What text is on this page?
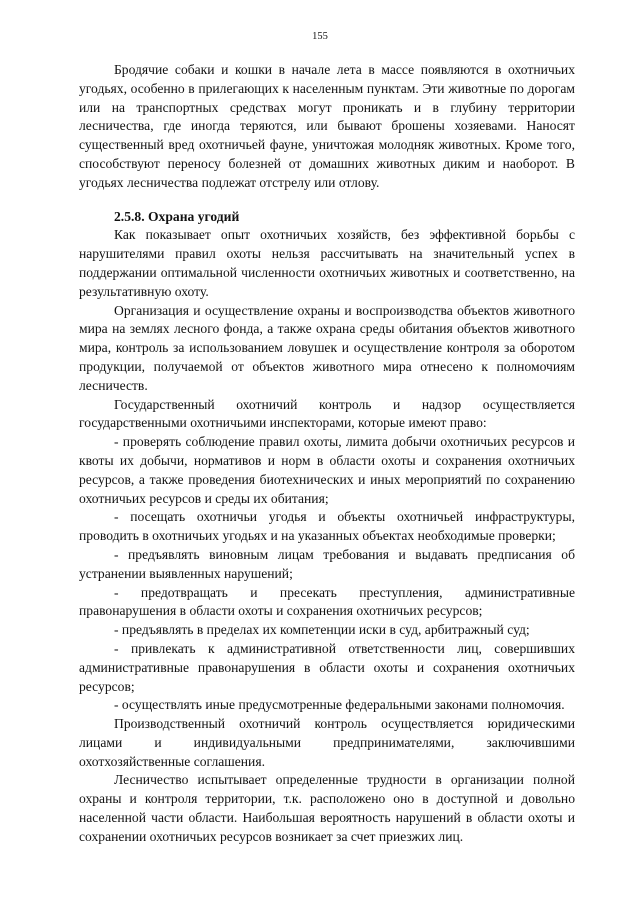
155

Бродячие собаки и кошки в начале лета в массе появляются в охотничьих угодьях, особенно в прилегающих к населенным пунктам. Эти животные по дорогам или на транспортных средствах могут проникать и в глубину территории лесничества, где иногда теряются, или бывают брошены хозяевами. Наносят существенный вред охотничьей фауне, уничтожая молодняк животных. Кроме того, способствуют переносу болезней от домашних животных диким и наоборот. В угодьях лесничества подлежат отстрелу или отлову.

2.5.8. Охрана угодий

Как показывает опыт охотничьих хозяйств, без эффективной борьбы с нарушителями правил охоты нельзя рассчитывать на значительный успех в поддержании оптимальной численности охотничьих животных и соответственно, на результативную охоту.

Организация и осуществление охраны и воспроизводства объектов животного мира на землях лесного фонда, а также охрана среды обитания объектов животного мира, контроль за использованием ловушек и осуществление контроля за оборотом продукции, получаемой от объектов животного мира отнесено к полномочиям лесничеств.

Государственный охотничий контроль и надзор осуществляется государственными охотничьими инспекторами, которые имеют право:

- проверять соблюдение правил охоты, лимита добычи охотничьих ресурсов и квоты их добычи, нормативов и норм в области охоты и сохранения охотничьих ресурсов, а также проведения биотехнических и иных мероприятий по сохранению охотничьих ресурсов и среды их обитания;

- посещать охотничьи угодья и объекты охотничьей инфраструктуры, проводить в охотничьих угодьях и на указанных объектах необходимые проверки;

- предъявлять виновным лицам требования и выдавать предписания об устранении выявленных нарушений;

- предотвращать и пресекать преступления, административные правонарушения в области охоты и сохранения охотничьих ресурсов;

- предъявлять в пределах их компетенции иски в суд, арбитражный суд;

- привлекать к административной ответственности лиц, совершивших административные правонарушения в области охоты и сохранения охотничьих ресурсов;

- осуществлять иные предусмотренные федеральными законами полномочия.

Производственный охотничий контроль осуществляется юридическими лицами и индивидуальными предпринимателями, заключившими охотхозяйственные соглашения.

Лесничество испытывает определенные трудности в организации полной охраны и контроля территории, т.к. расположено оно в доступной и довольно населенной части области. Наибольшая вероятность нарушений в области охоты и сохранении охотничьих ресурсов возникает за счет приезжих лиц.
